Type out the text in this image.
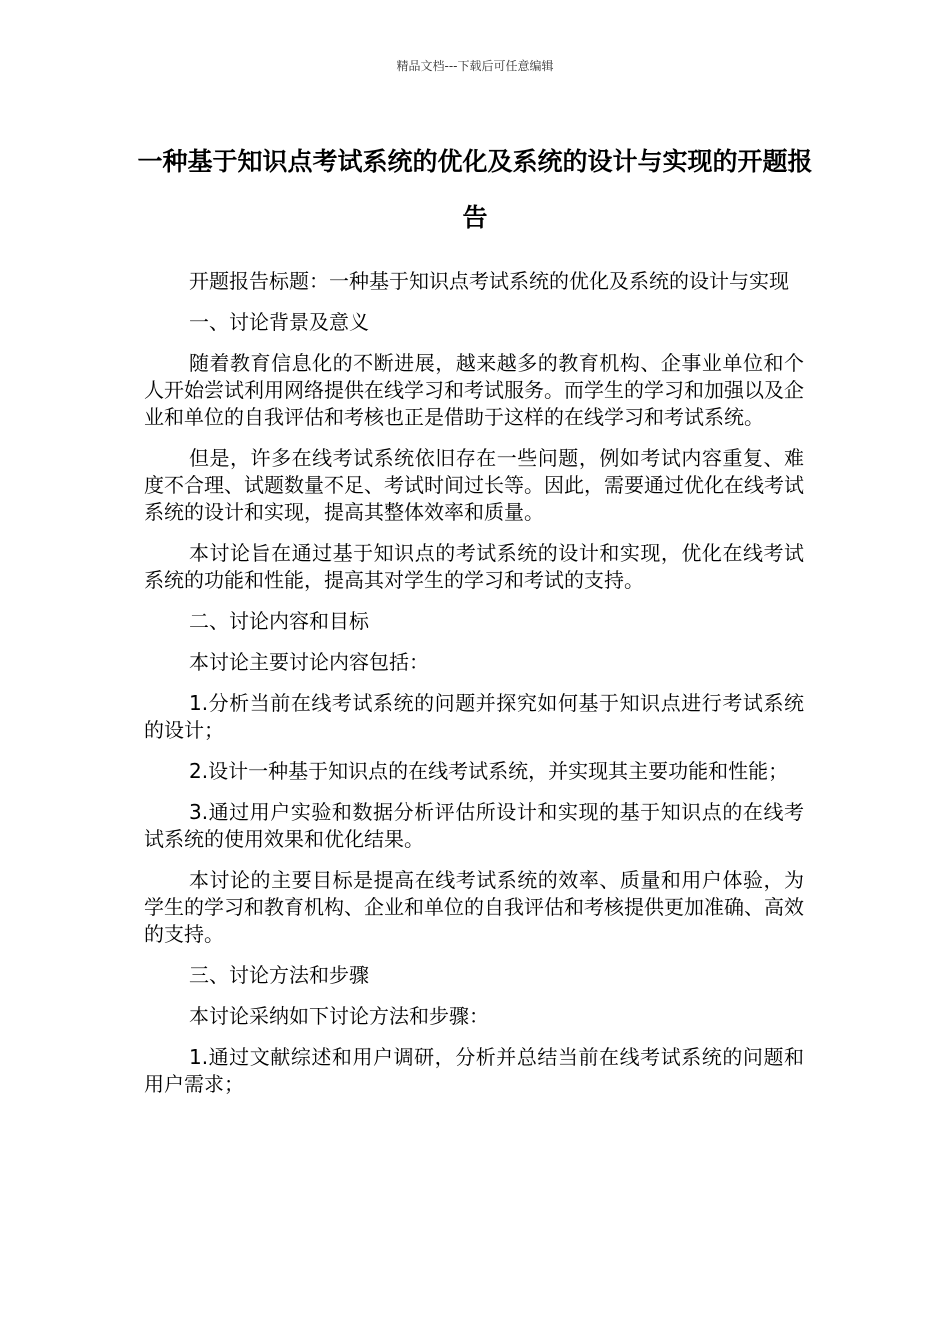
精品文档---下载后可任意编辑
一种基于知识点考试系统的优化及系统的设计与实现的开题报告

开题报告标题：一种基于知识点考试系统的优化及系统的设计与实现

一、讨论背景及意义

随着教育信息化的不断进展，越来越多的教育机构、企事业单位和个人开始尝试利用网络提供在线学习和考试服务。而学生的学习和加强以及企业和单位的自我评估和考核也正是借助于这样的在线学习和考试系统。

但是，许多在线考试系统依旧存在一些问题，例如考试内容重复、难度不合理、试题数量不足、考试时间过长等。因此，需要通过优化在线考试系统的设计和实现，提高其整体效率和质量。

本讨论旨在通过基于知识点的考试系统的设计和实现，优化在线考试系统的功能和性能，提高其对学生的学习和考试的支持。

二、讨论内容和目标

本讨论主要讨论内容包括：

1.分析当前在线考试系统的问题并探究如何基于知识点进行考试系统的设计；

2.设计一种基于知识点的在线考试系统，并实现其主要功能和性能；

3.通过用户实验和数据分析评估所设计和实现的基于知识点的在线考试系统的使用效果和优化结果。

本讨论的主要目标是提高在线考试系统的效率、质量和用户体验，为学生的学习和教育机构、企业和单位的自我评估和考核提供更加准确、高效的支持。

三、讨论方法和步骤

本讨论采纳如下讨论方法和步骤：

1.通过文献综述和用户调研，分析并总结当前在线考试系统的问题和用户需求；
